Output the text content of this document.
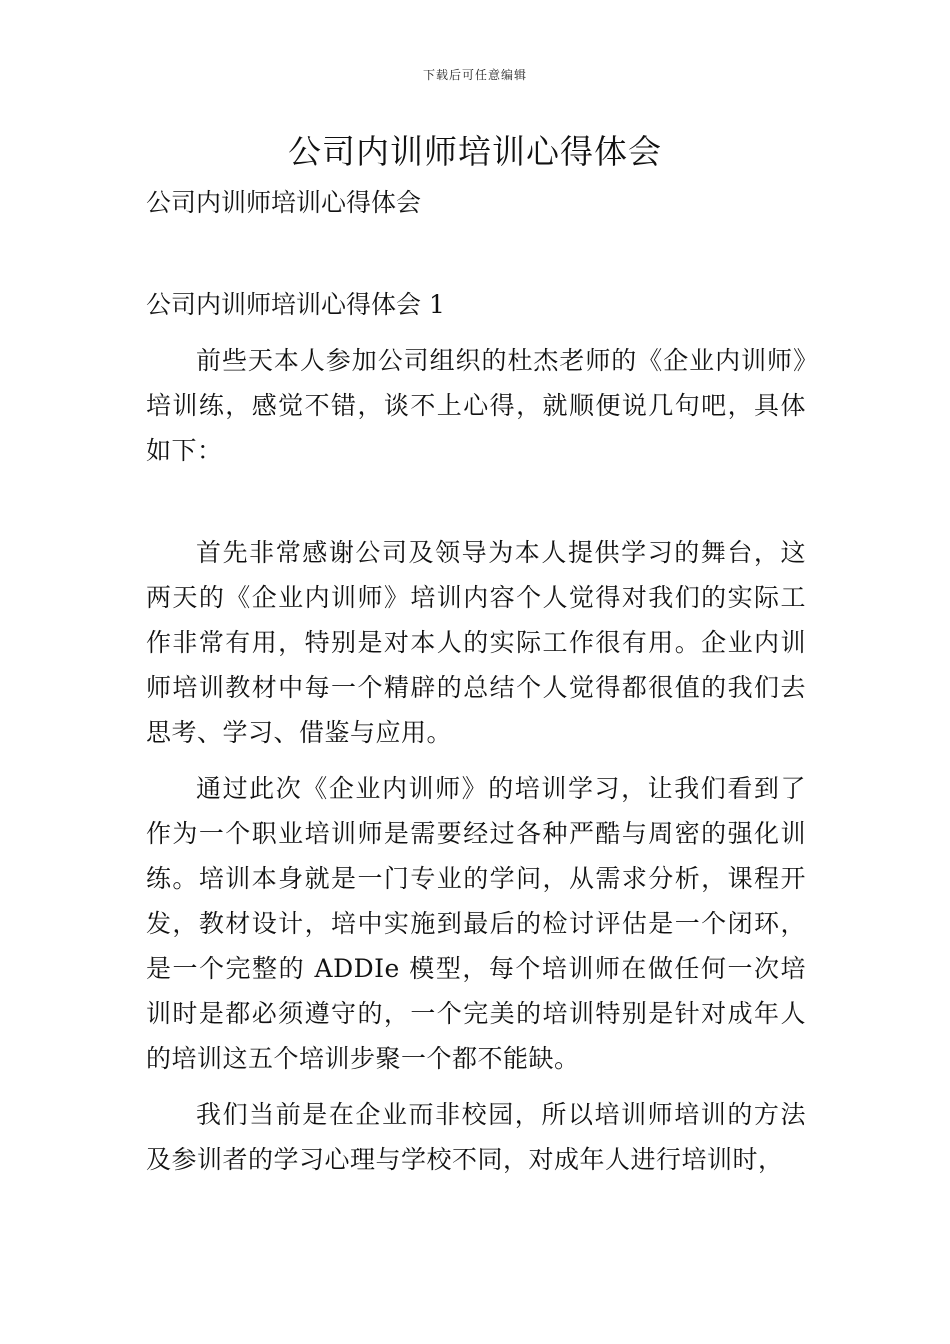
下载后可任意编辑
公司内训师培训心得体会

公司内训师培训心得体会

公司内训师培训心得体会 1

前些天本人参加公司组织的杜杰老师的《企业内训师》培训练，感觉不错，谈不上心得，就顺便说几句吧，具体如下：

首先非常感谢公司及领导为本人提供学习的舞台，这两天的《企业内训师》培训内容个人觉得对我们的实际工作非常有用，特别是对本人的实际工作很有用。企业内训师培训教材中每一个精辟的总结个人觉得都很值的我们去思考、学习、借鉴与应用。

通过此次《企业内训师》的培训学习，让我们看到了作为一个职业培训师是需要经过各种严酷与周密的强化训练。培训本身就是一门专业的学问，从需求分析，课程开发，教材设计，培中实施到最后的检讨评估是一个闭环，是一个完整的 ADDIe 模型，每个培训师在做任何一次培训时是都必须遵守的，一个完美的培训特别是针对成年人的培训这五个培训步聚一个都不能缺。

我们当前是在企业而非校园，所以培训师培训的方法及参训者的学习心理与学校不同，对成年人进行培训时，
